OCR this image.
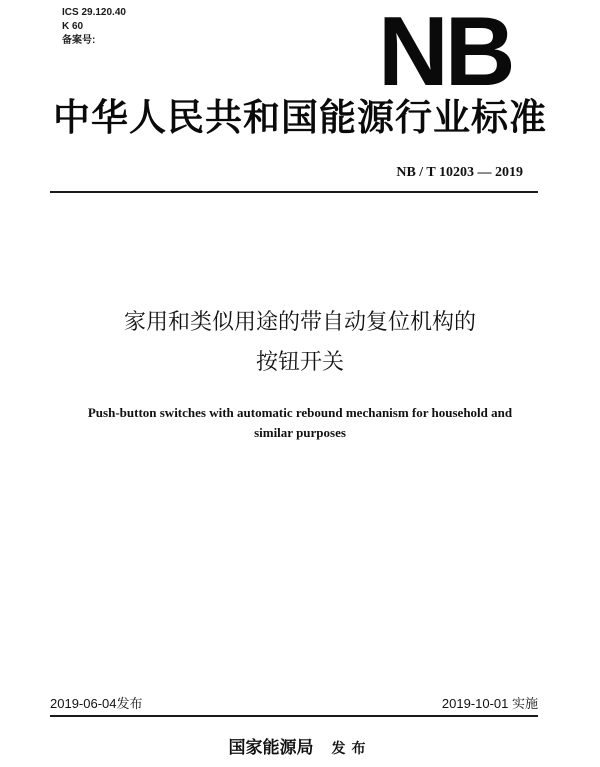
ICS 29.120.40
K 60
备案号:	NB
中华人民共和国能源行业标准
NB / T 10203 — 2019
家用和类似用途的带自动复位机构的
按钮开关
Push-button switches with automatic rebound mechanism for household and
similar purposes
2019-06-04发布	2019-10-01 实施
国家能源局 发布
